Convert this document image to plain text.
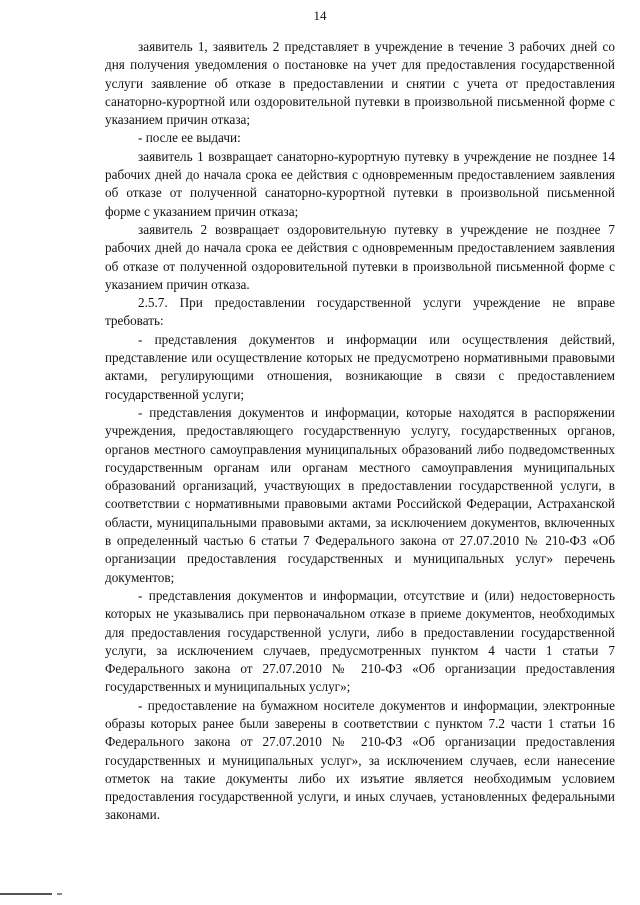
14

заявитель 1, заявитель 2 представляет в учреждение в течение 3 рабочих дней со дня получения уведомления о постановке на учет для предоставления государственной услуги заявление об отказе в предоставлении и снятии с учета от предоставления санаторно-курортной или оздоровительной путевки в произвольной письменной форме с указанием причин отказа;

- после ее выдачи:

заявитель 1 возвращает санаторно-курортную путевку в учреждение не позднее 14 рабочих дней до начала срока ее действия с одновременным предоставлением заявления об отказе от полученной санаторно-курортной путевки в произвольной письменной форме с указанием причин отказа;

заявитель 2 возвращает оздоровительную путевку в учреждение не позднее 7 рабочих дней до начала срока ее действия с одновременным предоставлением заявления об отказе от полученной оздоровительной путевки в произвольной письменной форме с указанием причин отказа.

2.5.7. При предоставлении государственной услуги учреждение не вправе требовать:

- представления документов и информации или осуществления действий, представление или осуществление которых не предусмотрено нормативными правовыми актами, регулирующими отношения, возникающие в связи с предоставлением государственной услуги;

- представления документов и информации, которые находятся в распоряжении учреждения, предоставляющего государственную услугу, государственных органов, органов местного самоуправления муниципальных образований либо подведомственных государственным органам или органам местного самоуправления муниципальных образований организаций, участвующих в предоставлении государственной услуги, в соответствии с нормативными правовыми актами Российской Федерации, Астраханской области, муниципальными правовыми актами, за исключением документов, включенных в определенный частью 6 статьи 7 Федерального закона от 27.07.2010 № 210-ФЗ «Об организации предоставления государственных и муниципальных услуг» перечень документов;

- представления документов и информации, отсутствие и (или) недостоверность которых не указывались при первоначальном отказе в приеме документов, необходимых для предоставления государственной услуги, либо в предоставлении государственной услуги, за исключением случаев, предусмотренных пунктом 4 части 1 статьи 7 Федерального закона от 27.07.2010 № 210-ФЗ «Об организации предоставления государственных и муниципальных услуг»;

- предоставление на бумажном носителе документов и информации, электронные образы которых ранее были заверены в соответствии с пунктом 7.2 части 1 статьи 16 Федерального закона от 27.07.2010 № 210-ФЗ «Об организации предоставления государственных и муниципальных услуг», за исключением случаев, если нанесение отметок на такие документы либо их изъятие является необходимым условием предоставления государственной услуги, и иных случаев, установленных федеральными законами.
